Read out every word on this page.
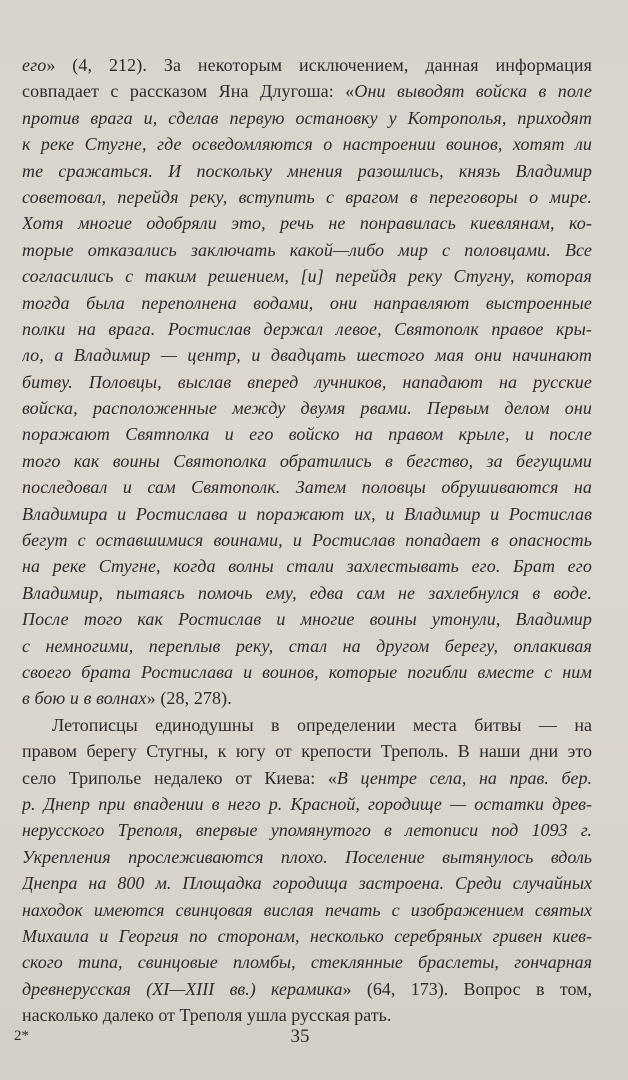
его» (4, 212). За некоторым исключением, данная информация
совпадает с рассказом Яна Длугоша: «Они выводят войска в поле
против врага и, сделав первую остановку у Котрополья, приходят
к реке Стугне, где осведомляются о настроении воинов, хотят ли
те сражаться. И поскольку мнения разошлись, князь Владимир
советовал, перейдя реку, вступить с врагом в переговоры о мире.
Хотя многие одобряли это, речь не понравилась киевлянам, ко-
торые отказались заключать какой—либо мир с половцами. Все
согласились с таким решением, [и] перейдя реку Стугну, которая
тогда была переполнена водами, они направляют выстроенные
полки на врага. Ростислав держал левое, Святополк правое кры-
ло, а Владимир — центр, и двадцать шестого мая они начинают
битву. Половцы, выслав вперед лучников, нападают на русские
войска, расположенные между двумя рвами. Первым делом они
поражают Святполка и его войско на правом крыле, и после
того как воины Святополка обратились в бегство, за бегущими
последовал и сам Святополк. Затем половцы обрушиваются на
Владимира и Ростислава и поражают их, и Владимир и Ростислав
бегут с оставшимися воинами, и Ростислав попадает в опасность
на реке Стугне, когда волны стали захлестывать его. Брат его
Владимир, пытаясь помочь ему, едва сам не захлебнулся в воде.
После того как Ростислав и многие воины утонули, Владимир
с немногими, переплыв реку, стал на другом берегу, оплакивая
своего брата Ростислава и воинов, которые погибли вместе с ним
в бою и в волнах» (28, 278).
Летописцы единодушны в определении места битвы — на
правом берегу Стугны, к югу от крепости Треполь. В наши дни это
село Триполье недалеко от Киева: «В центре села, на прав. бер.
р. Днепр при впадении в него р. Красной, городище — остатки древ-
нерусского Треполя, впервые упомянутого в летописи под 1093 г.
Укрепления прослеживаются плохо. Поселение вытянулось вдоль
Днепра на 800 м. Площадка городища застроена. Среди случайных
находок имеются свинцовая вислая печать с изображением святых
Михаила и Георгия по сторонам, несколько серебряных гривен киев-
ского типа, свинцовые пломбы, стеклянные браслеты, гончарная
древнерусская (XI—XIII вв.) керамика» (64, 173). Вопрос в том,
насколько далеко от Треполя ушла русская рать.
2*	35
